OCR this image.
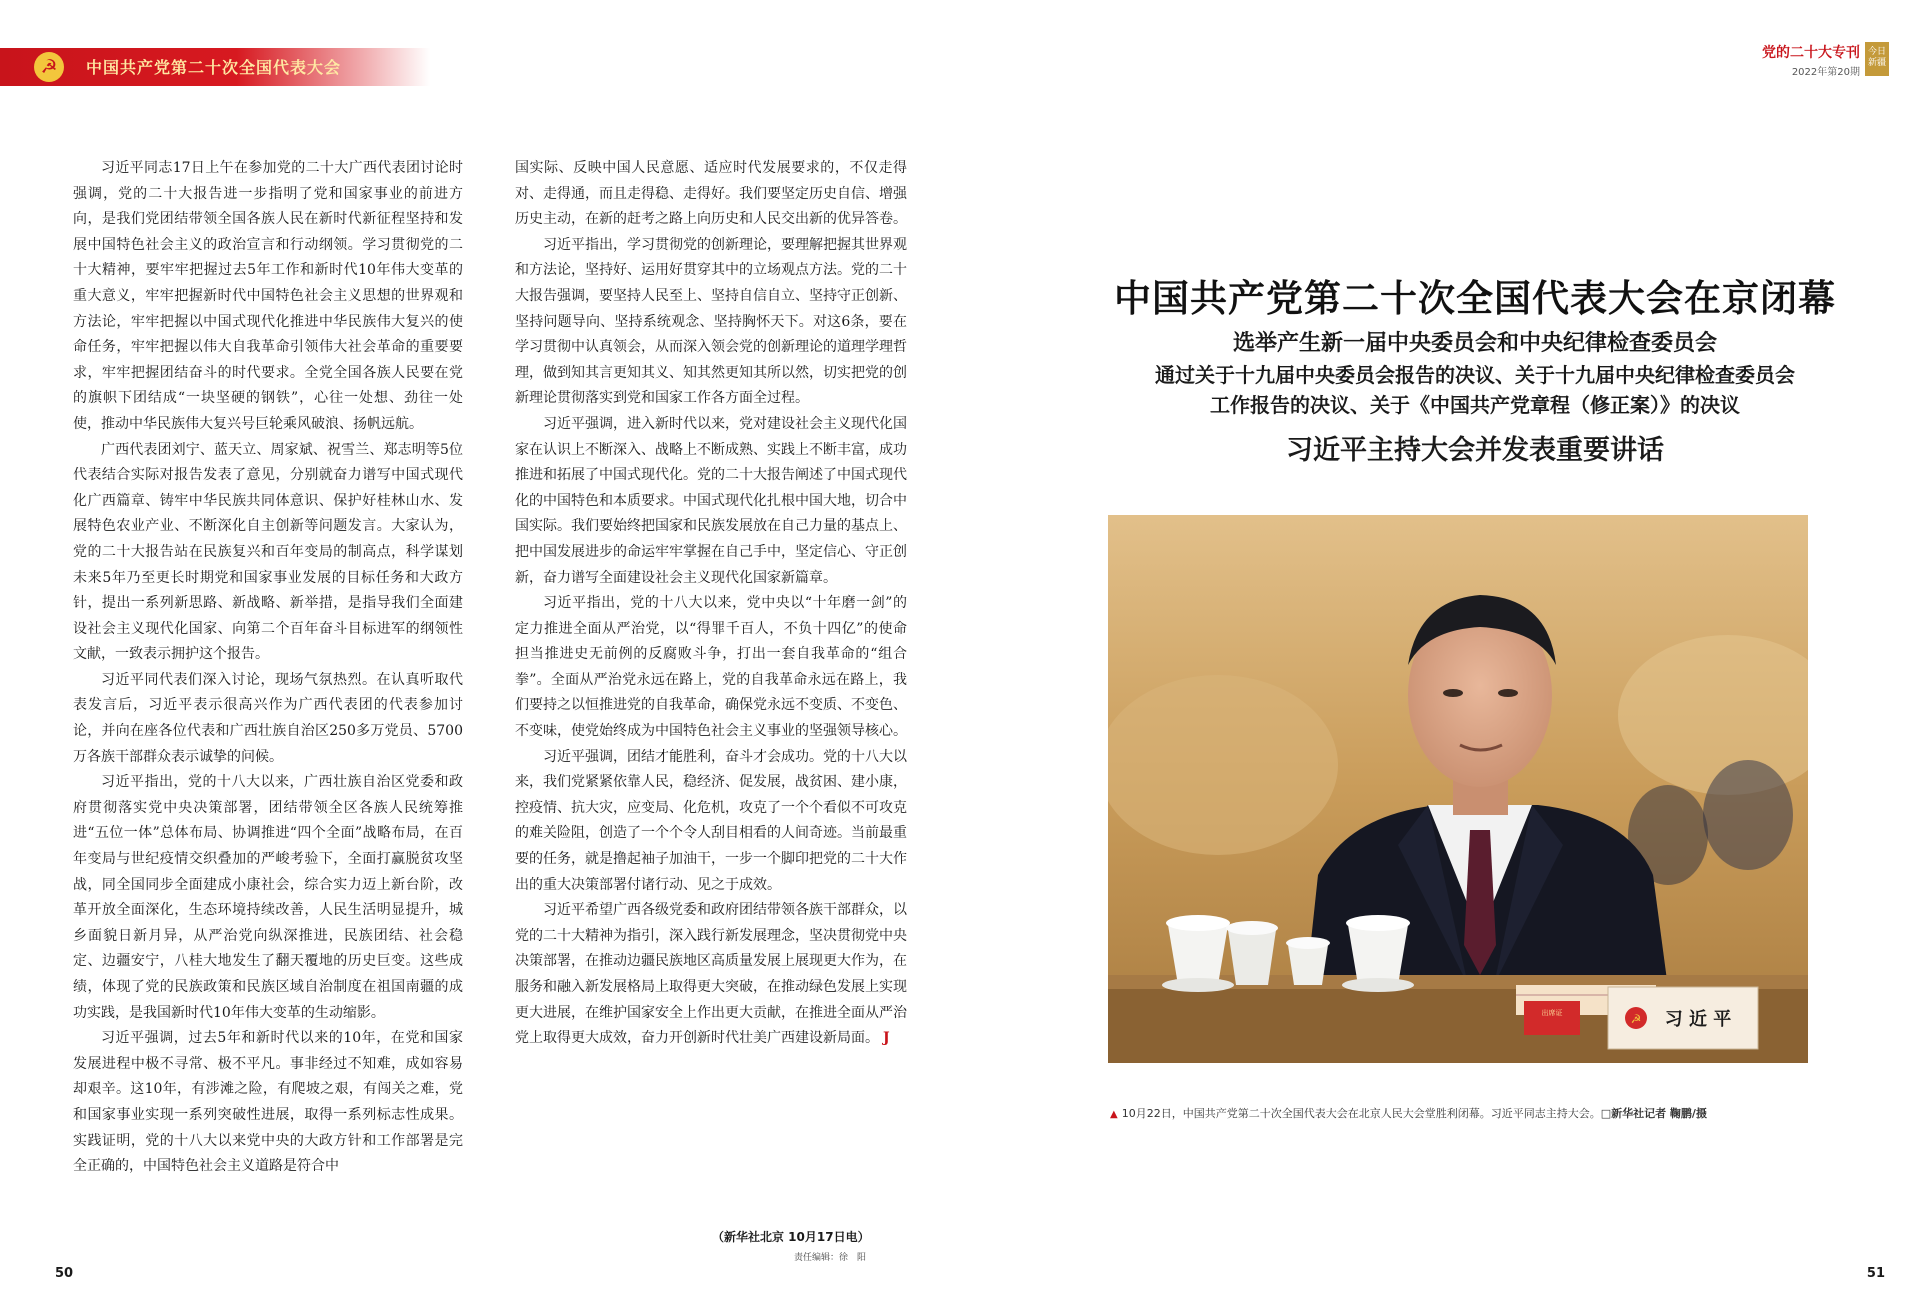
☭	中国共产党第二十次全国代表大会
党的二十大专刊
2022年第20期
今日
新疆

习近平同志17日上午在参加党的二十大广西代表团讨论时强调，党的二十大报告进一步指明了党和国家事业的前进方向，是我们党团结带领全国各族人民在新时代新征程坚持和发展中国特色社会主义的政治宣言和行动纲领。学习贯彻党的二十大精神，要牢牢把握过去5年工作和新时代10年伟大变革的重大意义，牢牢把握新时代中国特色社会主义思想的世界观和方法论，牢牢把握以中国式现代化推进中华民族伟大复兴的使命任务，牢牢把握以伟大自我革命引领伟大社会革命的重要要求，牢牢把握团结奋斗的时代要求。全党全国各族人民要在党的旗帜下团结成“一块坚硬的钢铁”，心往一处想、劲往一处使，推动中华民族伟大复兴号巨轮乘风破浪、扬帆远航。

广西代表团刘宁、蓝天立、周家斌、祝雪兰、郑志明等5位代表结合实际对报告发表了意见，分别就奋力谱写中国式现代化广西篇章、铸牢中华民族共同体意识、保护好桂林山水、发展特色农业产业、不断深化自主创新等问题发言。大家认为，党的二十大报告站在民族复兴和百年变局的制高点，科学谋划未来5年乃至更长时期党和国家事业发展的目标任务和大政方针，提出一系列新思路、新战略、新举措，是指导我们全面建设社会主义现代化国家、向第二个百年奋斗目标进军的纲领性文献，一致表示拥护这个报告。

习近平同代表们深入讨论，现场气氛热烈。在认真听取代表发言后，习近平表示很高兴作为广西代表团的代表参加讨论，并向在座各位代表和广西壮族自治区250多万党员、5700万各族干部群众表示诚挚的问候。

习近平指出，党的十八大以来，广西壮族自治区党委和政府贯彻落实党中央决策部署，团结带领全区各族人民统筹推进“五位一体”总体布局、协调推进“四个全面”战略布局，在百年变局与世纪疫情交织叠加的严峻考验下，全面打赢脱贫攻坚战，同全国同步全面建成小康社会，综合实力迈上新台阶，改革开放全面深化，生态环境持续改善，人民生活明显提升，城乡面貌日新月异，从严治党向纵深推进，民族团结、社会稳定、边疆安宁，八桂大地发生了翻天覆地的历史巨变。这些成绩，体现了党的民族政策和民族区域自治制度在祖国南疆的成功实践，是我国新时代10年伟大变革的生动缩影。

习近平强调，过去5年和新时代以来的10年，在党和国家发展进程中极不寻常、极不平凡。事非经过不知难，成如容易却艰辛。这10年，有涉滩之险，有爬坡之艰，有闯关之难，党和国家事业实现一系列突破性进展，取得一系列标志性成果。实践证明，党的十八大以来党中央的大政方针和工作部署是完全正确的，中国特色社会主义道路是符合中

国实际、反映中国人民意愿、适应时代发展要求的，不仅走得对、走得通，而且走得稳、走得好。我们要坚定历史自信、增强历史主动，在新的赶考之路上向历史和人民交出新的优异答卷。

习近平指出，学习贯彻党的创新理论，要理解把握其世界观和方法论，坚持好、运用好贯穿其中的立场观点方法。党的二十大报告强调，要坚持人民至上、坚持自信自立、坚持守正创新、坚持问题导向、坚持系统观念、坚持胸怀天下。对这6条，要在学习贯彻中认真领会，从而深入领会党的创新理论的道理学理哲理，做到知其言更知其义、知其然更知其所以然，切实把党的创新理论贯彻落实到党和国家工作各方面全过程。

习近平强调，进入新时代以来，党对建设社会主义现代化国家在认识上不断深入、战略上不断成熟、实践上不断丰富，成功推进和拓展了中国式现代化。党的二十大报告阐述了中国式现代化的中国特色和本质要求。中国式现代化扎根中国大地，切合中国实际。我们要始终把国家和民族发展放在自己力量的基点上、把中国发展进步的命运牢牢掌握在自己手中，坚定信心、守正创新，奋力谱写全面建设社会主义现代化国家新篇章。

习近平指出，党的十八大以来，党中央以“十年磨一剑”的定力推进全面从严治党，以“得罪千百人，不负十四亿”的使命担当推进史无前例的反腐败斗争，打出一套自我革命的“组合拳”。全面从严治党永远在路上，党的自我革命永远在路上，我们要持之以恒推进党的自我革命，确保党永远不变质、不变色、不变味，使党始终成为中国特色社会主义事业的坚强领导核心。

习近平强调，团结才能胜利，奋斗才会成功。党的十八大以来，我们党紧紧依靠人民，稳经济、促发展，战贫困、建小康，控疫情、抗大灾，应变局、化危机，攻克了一个个看似不可攻克的难关险阻，创造了一个个令人刮目相看的人间奇迹。当前最重要的任务，就是撸起袖子加油干，一步一个脚印把党的二十大作出的重大决策部署付诸行动、见之于成效。

习近平希望广西各级党委和政府团结带领各族干部群众，以党的二十大精神为指引，深入践行新发展理念，坚决贯彻党中央决策部署，在推动边疆民族地区高质量发展上展现更大作为，在服务和融入新发展格局上取得更大突破，在推动绿色发展上实现更大进展，在维护国家安全上作出更大贡献，在推进全面从严治党上取得更大成效，奋力开创新时代壮美广西建设新局面。 J

（新华社北京 10月17日电）
责任编辑：徐　阳
50
中国共产党第二十次全国代表大会在京闭幕
选举产生新一届中央委员会和中央纪律检查委员会
通过关于十九届中央委员会报告的决议、关于十九届中央纪律检查委员会
工作报告的决议、关于《中国共产党章程（修正案）》的决议
习近平主持大会并发表重要讲话
出席证	☭ 习 近 平
▲ 10月22日，中国共产党第二十次全国代表大会在北京人民大会堂胜利闭幕。习近平同志主持大会。□新华社记者 鞠鹏/摄
51
